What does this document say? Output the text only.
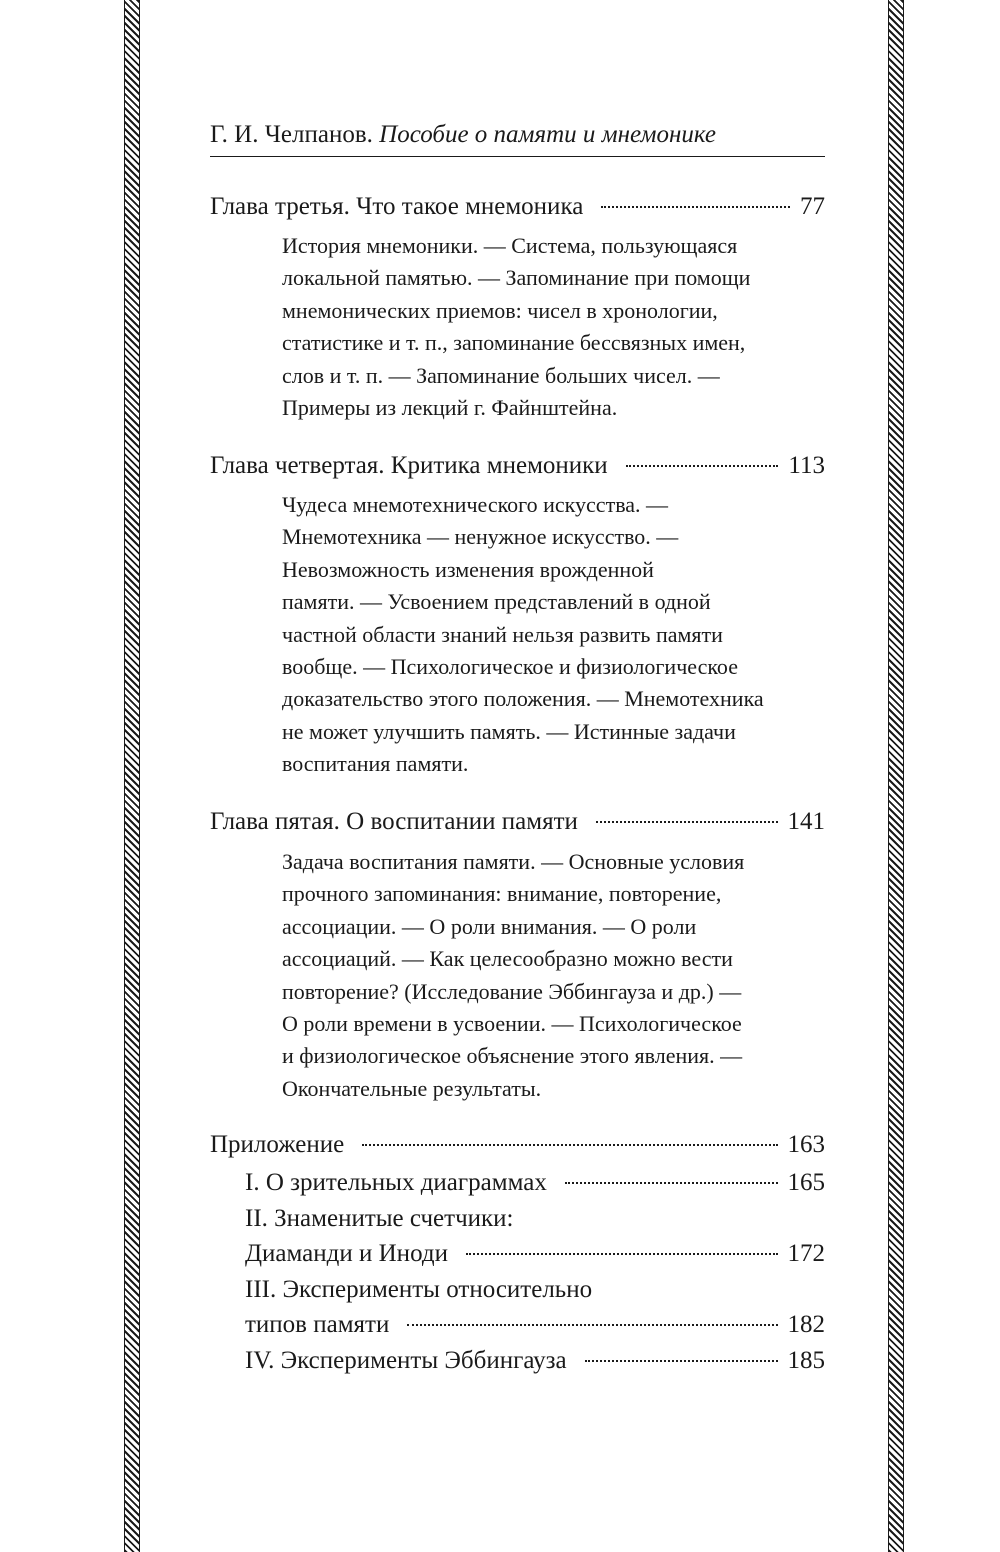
Г. И. Челпанов. Пособие о памяти и мнемонике
Глава третья. Что такое мнемоника	77
История мнемоники. — Система, пользующаяся
локальной памятью. — Запоминание при помощи
мнемонических приемов: чисел в хронологии,
статистике и т. п., запоминание бессвязных имен,
слов и т. п. — Запоминание больших чисел. —
Примеры из лекций г. Файнштейна.
Глава четвертая. Критика мнемоники	113
Чудеса мнемотехнического искусства. —
Мнемотехника — ненужное искусство. —
Невозможность изменения врожденной
памяти. — Усвоением представлений в одной
частной области знаний нельзя развить памяти
вообще. — Психологическое и физиологическое
доказательство этого положения. — Мнемотехника
не может улучшить память. — Истинные задачи
воспитания памяти.
Глава пятая. О воспитании памяти	141
Задача воспитания памяти. — Основные условия
прочного запоминания: внимание, повторение,
ассоциации. — О роли внимания. — О роли
ассоциаций. — Как целесообразно можно вести
повторение? (Исследование Эббингауза и др.) —
О роли времени в усвоении. — Психологическое
и физиологическое объяснение этого явления. —
Окончательные результаты.
Приложение	163
I. О зрительных диаграммах	165
II. Знаменитые счетчики:
Диаманди и Иноди	172
III. Эксперименты относительно
типов памяти	182
IV. Эксперименты Эббингауза	185
